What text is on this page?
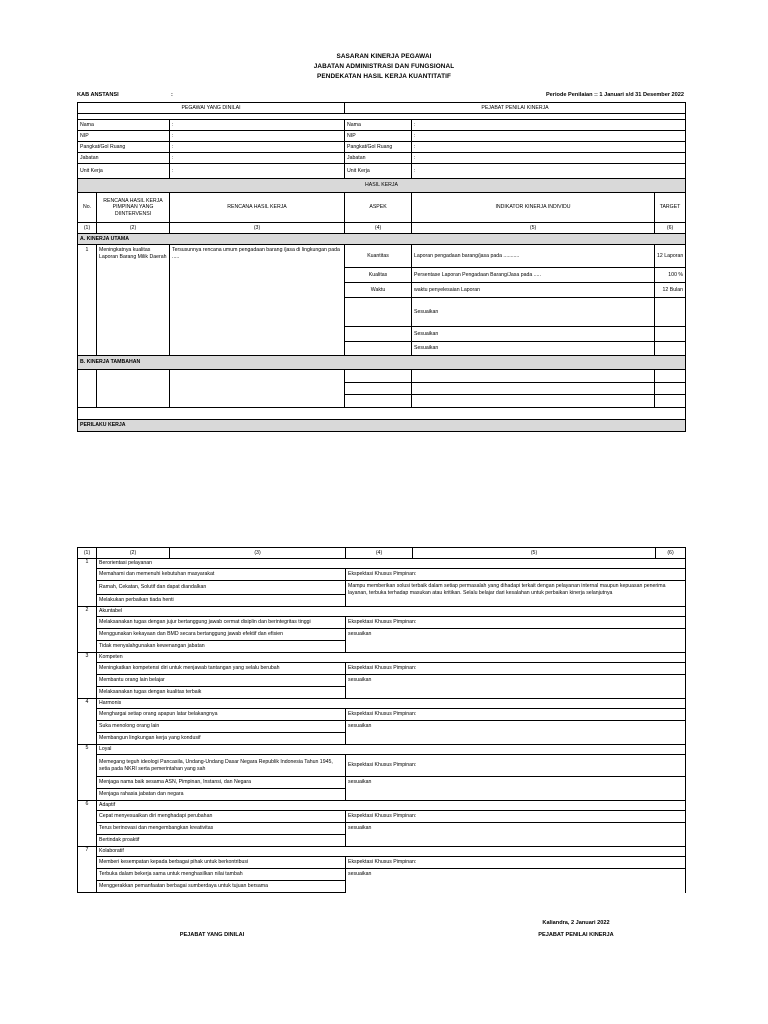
SASARAN KINERJA PEGAWAI
JABATAN ADMINISTRASI DAN FUNGSIONAL
PENDEKATAN HASIL KERJA KUANTITATIF
KAB ANSTANSI	:	Periode Penilaian :: 1 Januari s/d 31 Desember 2022
PEGAWAI YANG DINILAI			PEJABAT PENILAI KINERJA		

Nama		:	Nama	:	
NIP		:	NIP	:	
Pangkat/Gol Ruang		:	Pangkat/Gol Ruang	:	
Jabatan		:	Jabatan	:	
Unit Kerja		:	Unit Kerja	:	
HASIL KERJA					
No.	RENCANA HASIL KERJA PIMPINAN YANG DIINTERVENSI	RENCANA HASIL KERJA	ASPEK	INDIKATOR KINERJA INDIVIDU	TARGET
(1)	(2)	(3)	(4)	(5)	(6)
A. KINERJA UTAMA					
1	Meningkatnya kualitas Laporan Barang Milik Daerah	Tersusunnya rencana umum pengadaan barang /jasa di lingkungan pada .....	Kuantitas	Laporan pengadaan barang/jasa pada ...........	12 Laporan
			Kualitas	Persentase Laporan Pengadaan Barang/Jasa pada .....	100 %
			Waktu	waktu penyelesaian Laporan	12 Bulan
				Sesuaikan	
				Sesuaikan	
				Sesuaikan	
B. KINERJA TAMBAHAN					

PERILAKU KERJA					
(1)	(2)	(3)	(4)	(5)	(6)
1	Berorientasi pelayanan				
	Memahami dan memenuhi kebutuhan masyarakat		Ekspektasi Khusus Pimpinan:		
	Ramah, Cekatan, Solutif dan dapat diandalkan		Mampu memberikan solusi terbaik dalam setiap permasalah yang dihadapi terkait dengan pelayanan internal maupun kepuasan penerima layanan, terbuka terhadap masukan atau kritikan. Selalu belajar dari kesalahan untuk perbaikan kinerja selanjutnya		
	Melakukan perbaikan tiada henti				
2	Akuntabel				
	Melaksanakan tugas dengan jujur bertanggung jawab cermat disiplin dan berintegritas tinggi		Ekspektasi Khusus Pimpinan:		
	Menggunakan kekayaan dan BMD secara bertanggung jawab efektif dan efisien		sesuaikan		
	Tidak menyalahgunakan kewenangan jabatan				
3	Kompeten				
	Meningkatkan kompetensi diri untuk menjawab tantangan yang selalu berubah		Ekspektasi Khusus Pimpinan:		
	Membantu orang lain belajar		sesuaikan		
	Melaksanakan tugas dengan kualitas terbaik				
4	Harmonis				
	Menghargai setiap orang apapun latar belakangnya		Ekspektasi Khusus Pimpinan:		
	Suka menolong orang lain		sesuaikan		
	Membangun lingkungan kerja yang kondusif				
5	Loyal				
	Memegang teguh ideologi Pancasila, Undang-Undang Dasar Negara Republik Indonesia Tahun 1945, setia pada NKRI serta pemerintahan yang sah		Ekspektasi Khusus Pimpinan:		
	Menjaga nama baik sesama ASN, Pimpinan, Instansi, dan Negara		sesuaikan		
	Menjaga rahasia jabatan dan negara				
6	Adaptif				
	Cepat menyesuaikan diri menghadapi perubahan		Ekspektasi Khusus Pimpinan:		
	Terus berinovasi dan mengembangkan kreativitas		sesuaikan		
	Bertindak proaktif				
7	Kolaboratif				
	Memberi kesempatan kepada berbagai pihak untuk berkontribusi		Ekspektasi Khusus Pimpinan:		
	Terbuka dalam bekerja sama untuk menghasilkan nilai tambah		sesuaikan		
	Menggerakkan pemanfaatan berbagai sumberdaya untuk tujuan bersama				
Kaliandra, 2 Januari 2022
PEJABAT YANG DINILAI	PEJABAT PENILAI KINERJA
